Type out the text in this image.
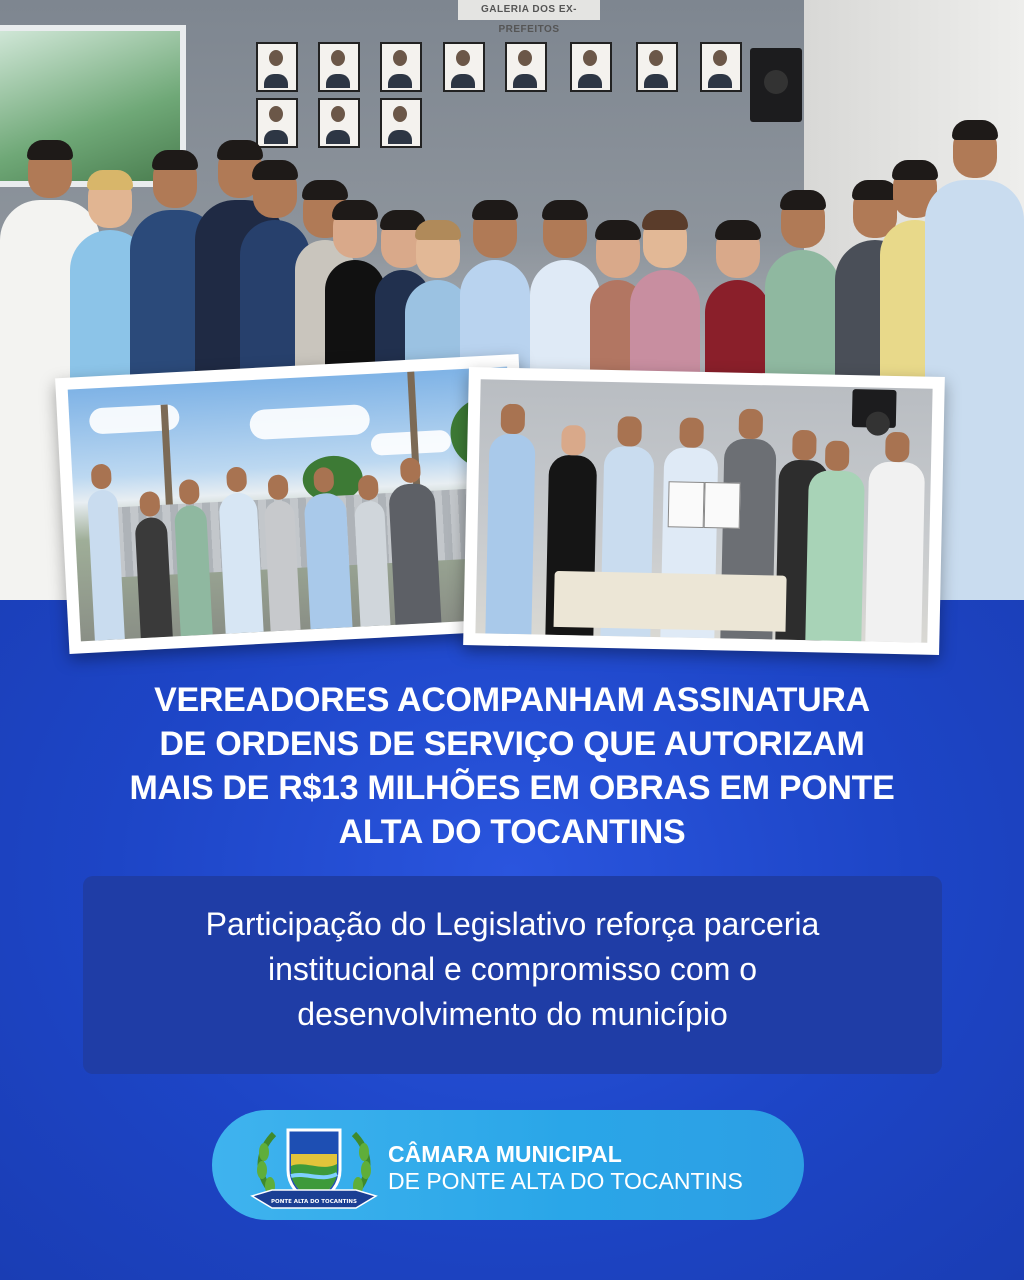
GALERIA DOS EX-PREFEITOS
VEREADORES ACOMPANHAM ASSINATURA
DE ORDENS DE SERVIÇO QUE AUTORIZAM
MAIS DE R$13 MILHÕES EM OBRAS EM PONTE
ALTA DO TOCANTINS

Participação do Legislativo reforça parceria
institucional e compromisso com o
desenvolvimento do município

PONTE ALTA DO TOCANTINS
CÂMARA MUNICIPAL
DE PONTE ALTA DO TOCANTINS
